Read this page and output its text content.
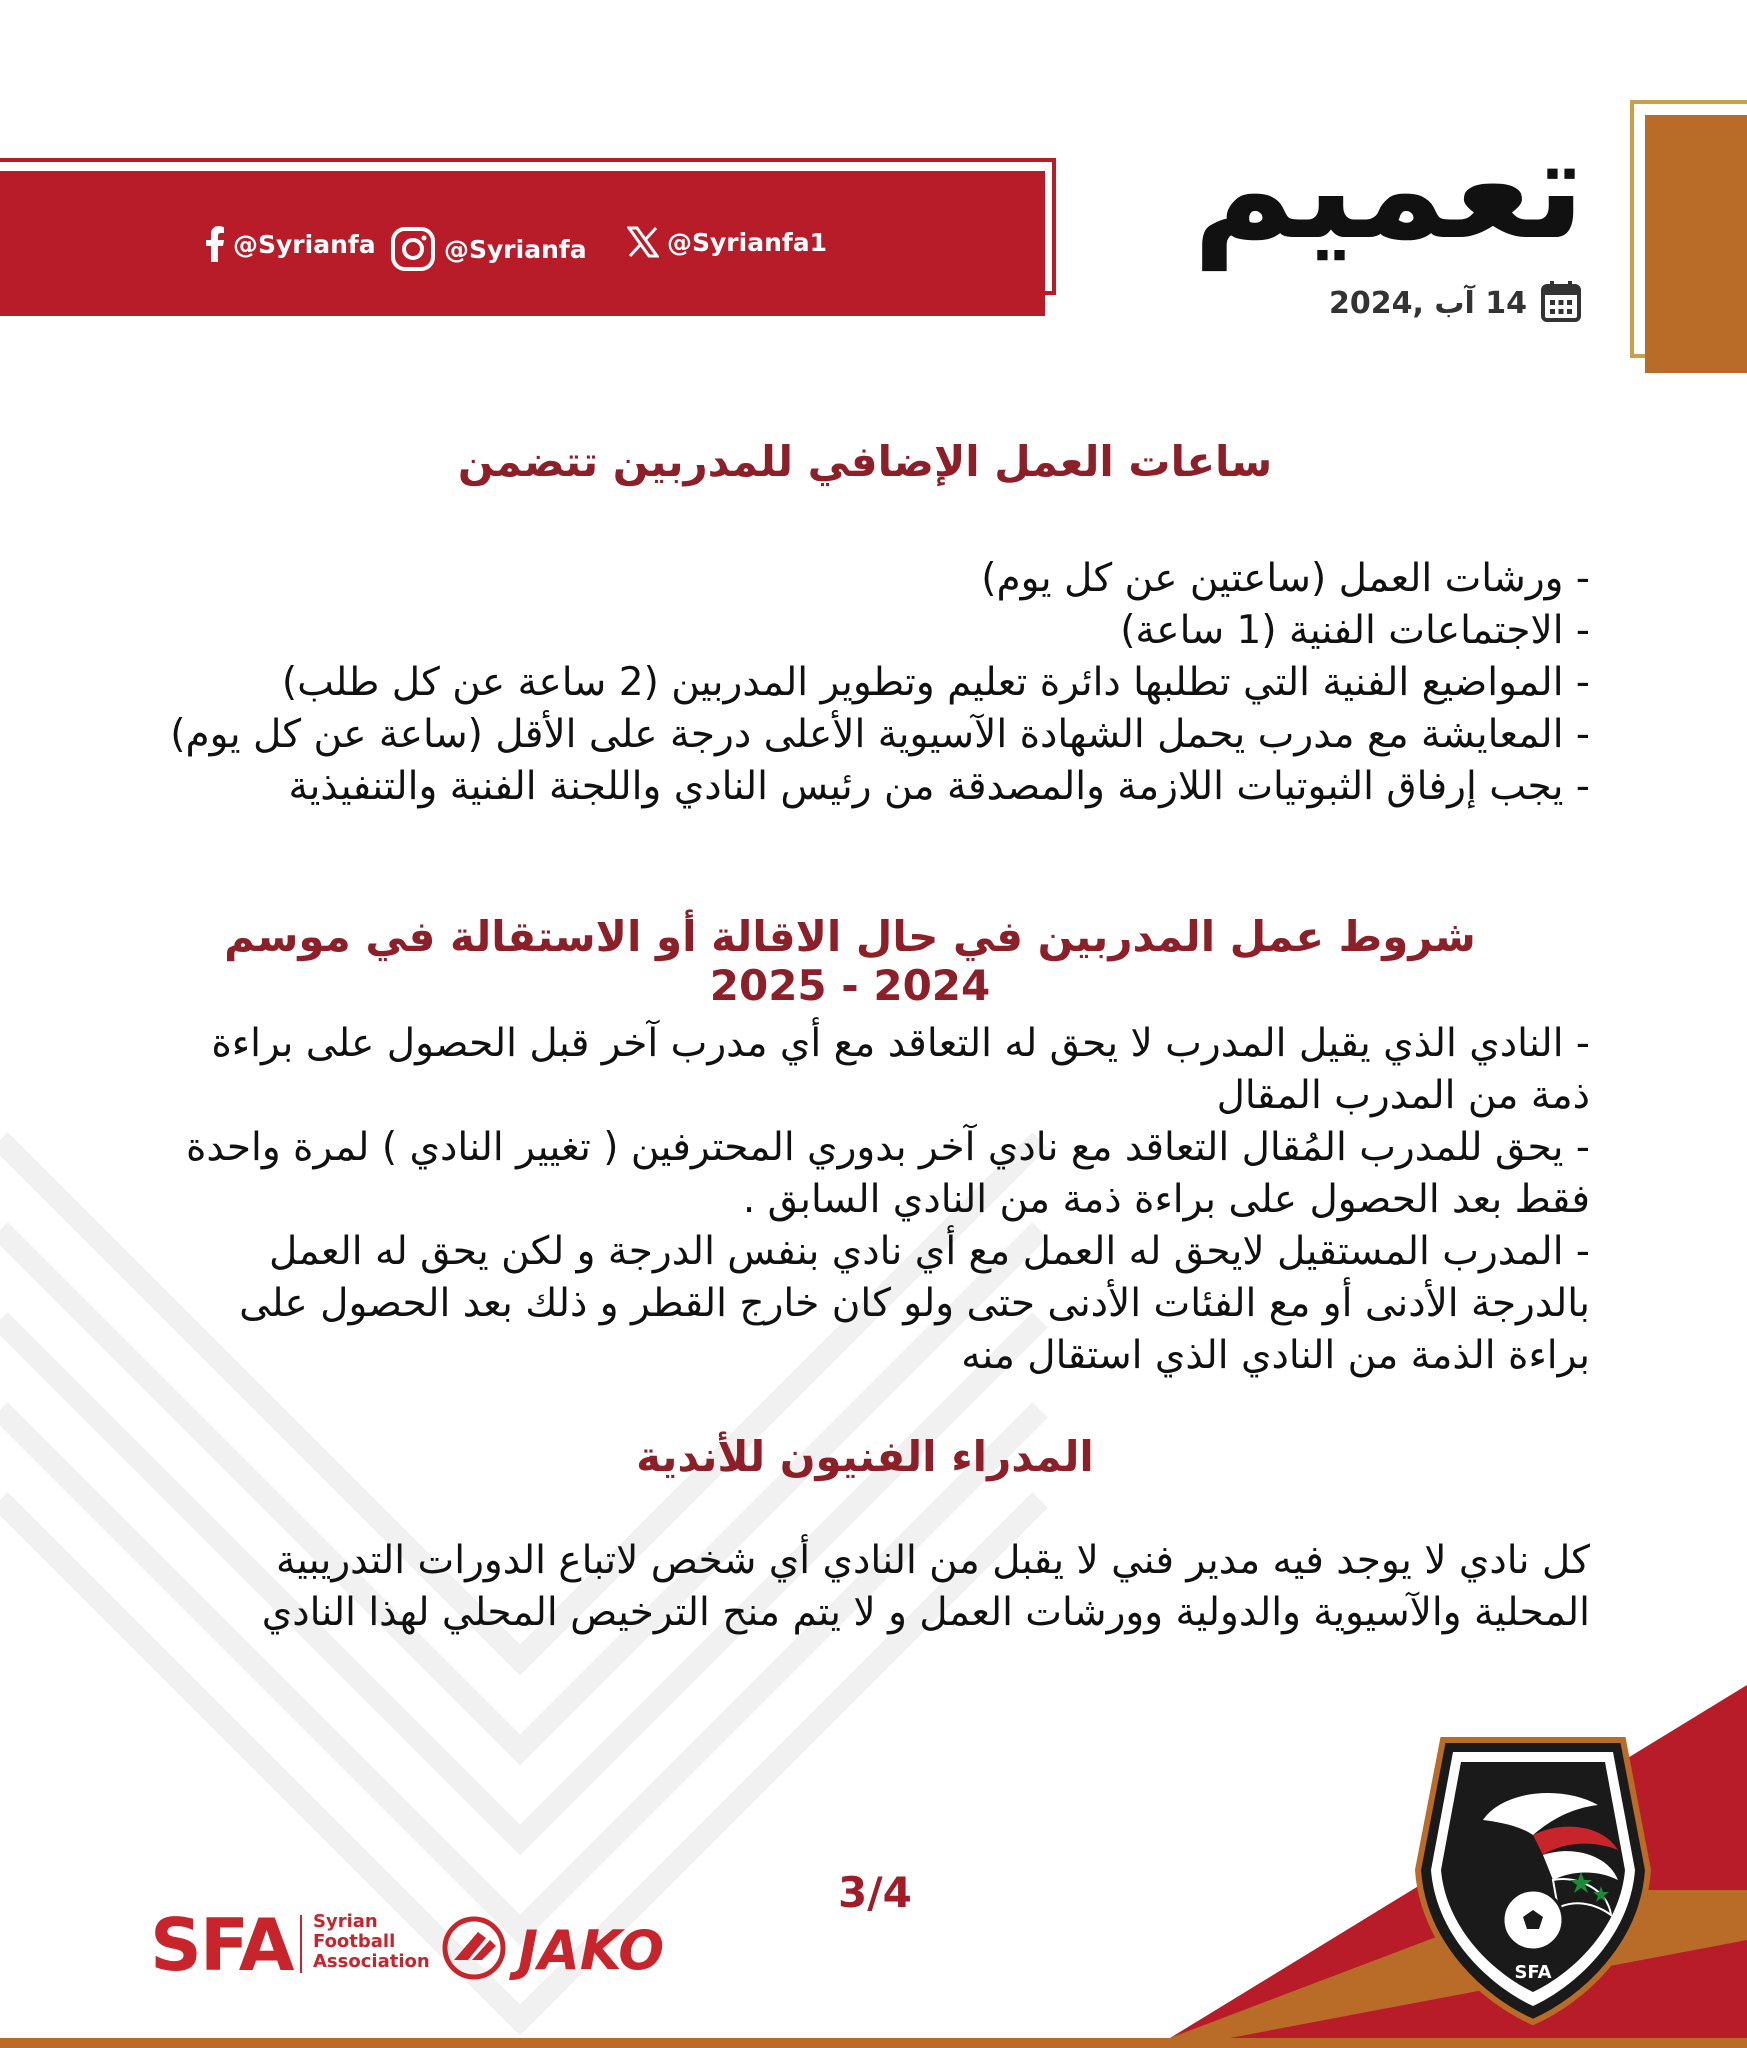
@Syrianfa	@Syrianfa	@Syrianfa1	تعميم
14 آب ,2024
ساعات العمل الإضافي للمدربين تتضمن

- ورشات العمل (ساعتين عن كل يوم)

- الاجتماعات الفنية (1 ساعة)

- المواضيع الفنية التي تطلبها دائرة تعليم وتطوير المدربين (2 ساعة عن كل طلب)

- المعايشة مع مدرب يحمل الشهادة الآسيوية الأعلى درجة على الأقل (ساعة عن كل يوم)

- يجب إرفاق الثبوتيات اللازمة والمصدقة من رئيس النادي واللجنة الفنية والتنفيذية

شروط عمل المدربين في حال الاقالة أو الاستقالة في موسم 2024 - 2025

- النادي الذي يقيل المدرب لا يحق له التعاقد مع أي مدرب آخر قبل الحصول على براءة ذمة من المدرب المقال

- يحق للمدرب المُقال التعاقد مع نادي آخر بدوري المحترفين ( تغيير النادي ) لمرة واحدة فقط بعد الحصول على براءة ذمة من النادي السابق .

- المدرب المستقيل لايحق له العمل مع أي نادي بنفس الدرجة و لكن يحق له العمل بالدرجة الأدنى أو مع الفئات الأدنى حتى ولو كان خارج القطر و ذلك بعد الحصول على براءة الذمة من النادي الذي استقال منه

المدراء الفنيون للأندية

كل نادي لا يوجد فيه مدير فني لا يقبل من النادي أي شخص لاتباع الدورات التدريبية المحلية والآسيوية والدولية وورشات العمل و لا يتم منح الترخيص المحلي لهذا النادي

SFA
3/4
SFA Syrian
Football
Association JAKO
